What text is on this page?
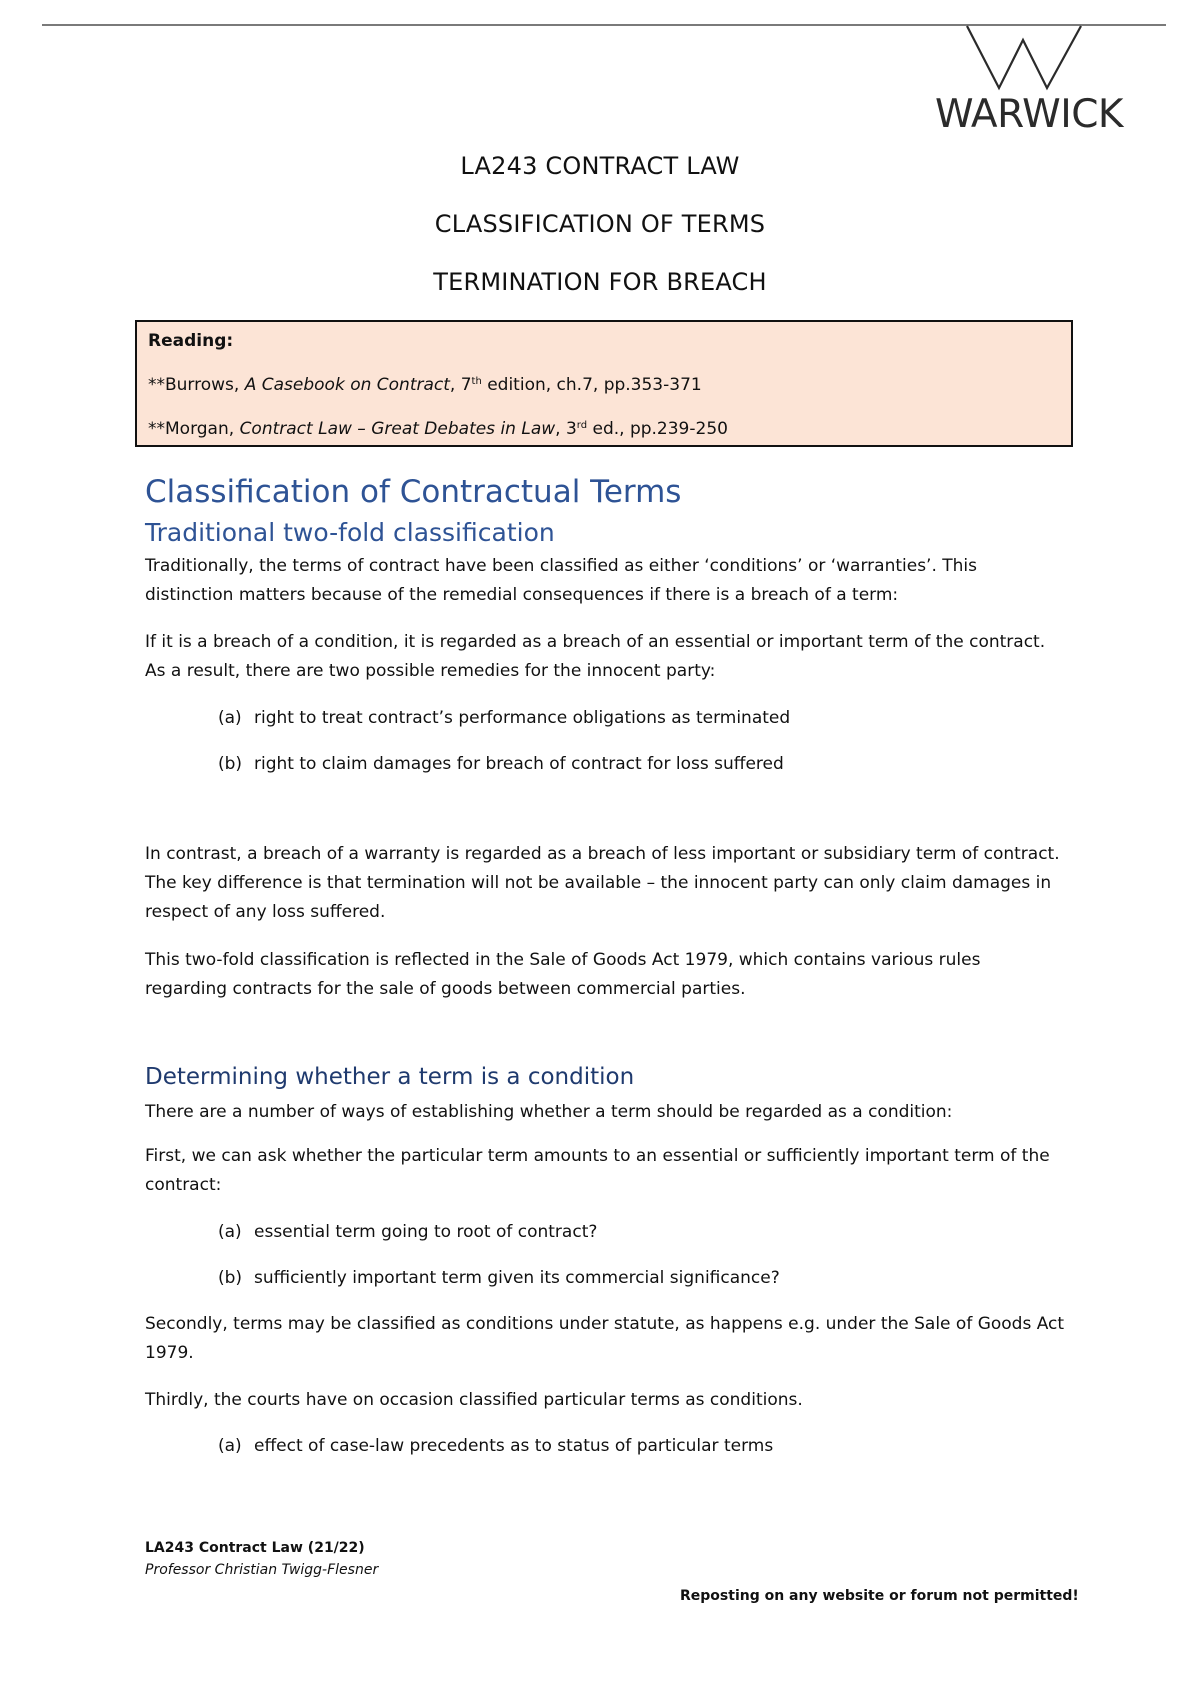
WARWICK
LA243 CONTRACT LAW
CLASSIFICATION OF TERMS
TERMINATION FOR BREACH

Reading:

**Burrows, A Casebook on Contract, 7th edition, ch.7, pp.353-371

**Morgan, Contract Law – Great Debates in Law, 3rd ed., pp.239-250

Classification of Contractual Terms
Traditional two-fold classification
Traditionally, the terms of contract have been classified as either ‘conditions’ or ‘warranties’. This distinction matters because of the remedial consequences if there is a breach of a term:
If it is a breach of a condition, it is regarded as a breach of an essential or important term of the contract. As a result, there are two possible remedies for the innocent party:
(a) right to treat contract’s performance obligations as terminated
(b) right to claim damages for breach of contract for loss suffered
In contrast, a breach of a warranty is regarded as a breach of less important or subsidiary term of contract. The key difference is that termination will not be available – the innocent party can only claim damages in respect of any loss suffered.
This two-fold classification is reflected in the Sale of Goods Act 1979, which contains various rules regarding contracts for the sale of goods between commercial parties.
Determining whether a term is a condition
There are a number of ways of establishing whether a term should be regarded as a condition:
First, we can ask whether the particular term amounts to an essential or sufficiently important term of the contract:
(a) essential term going to root of contract?
(b) sufficiently important term given its commercial significance?
Secondly, terms may be classified as conditions under statute, as happens e.g. under the Sale of Goods Act 1979.
Thirdly, the courts have on occasion classified particular terms as conditions.
(a) effect of case-law precedents as to status of particular terms
LA243 Contract Law (21/22)
Professor Christian Twigg-Flesner
Reposting on any website or forum not permitted!
